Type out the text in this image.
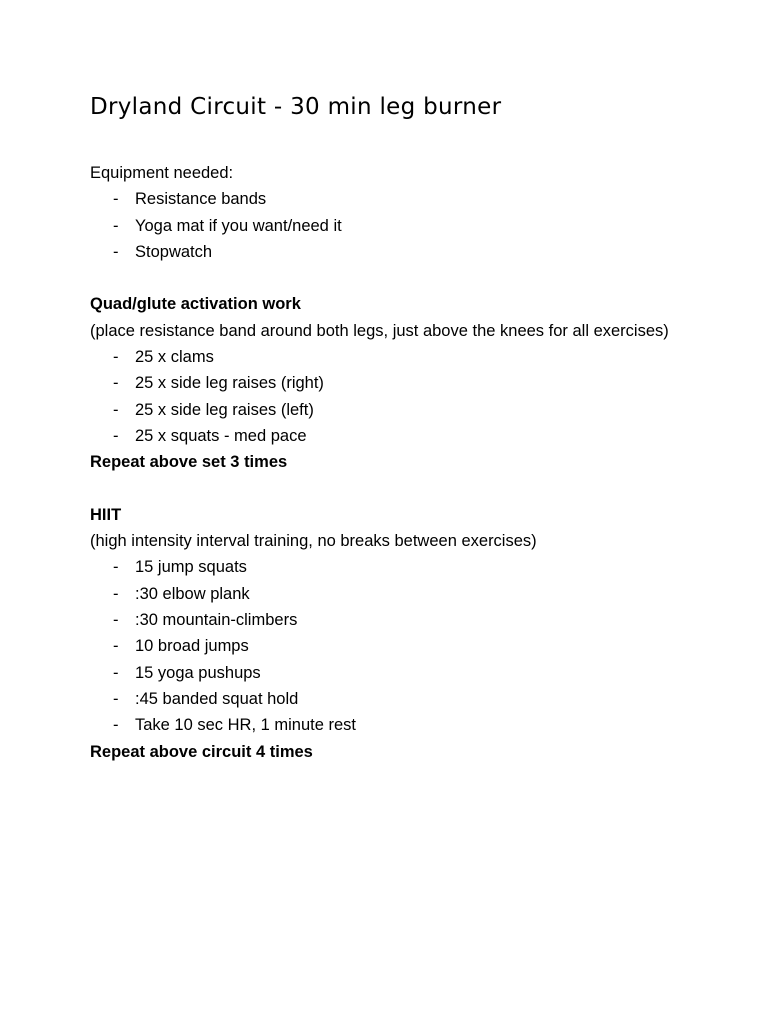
Dryland Circuit - 30 min leg burner

Equipment needed:

- Resistance bands
- Yoga mat if you want/need it
- Stopwatch

Quad/glute activation work

(place resistance band around both legs, just above the knees for all exercises)

- 25 x clams
- 25 x side leg raises (right)
- 25 x side leg raises (left)
- 25 x squats - med pace

Repeat above set 3 times

HIIT

(high intensity interval training, no breaks between exercises)

- 15 jump squats
- :30 elbow plank
- :30 mountain-climbers
- 10 broad jumps
- 15 yoga pushups
- :45 banded squat hold
- Take 10 sec HR, 1 minute rest

Repeat above circuit 4 times
